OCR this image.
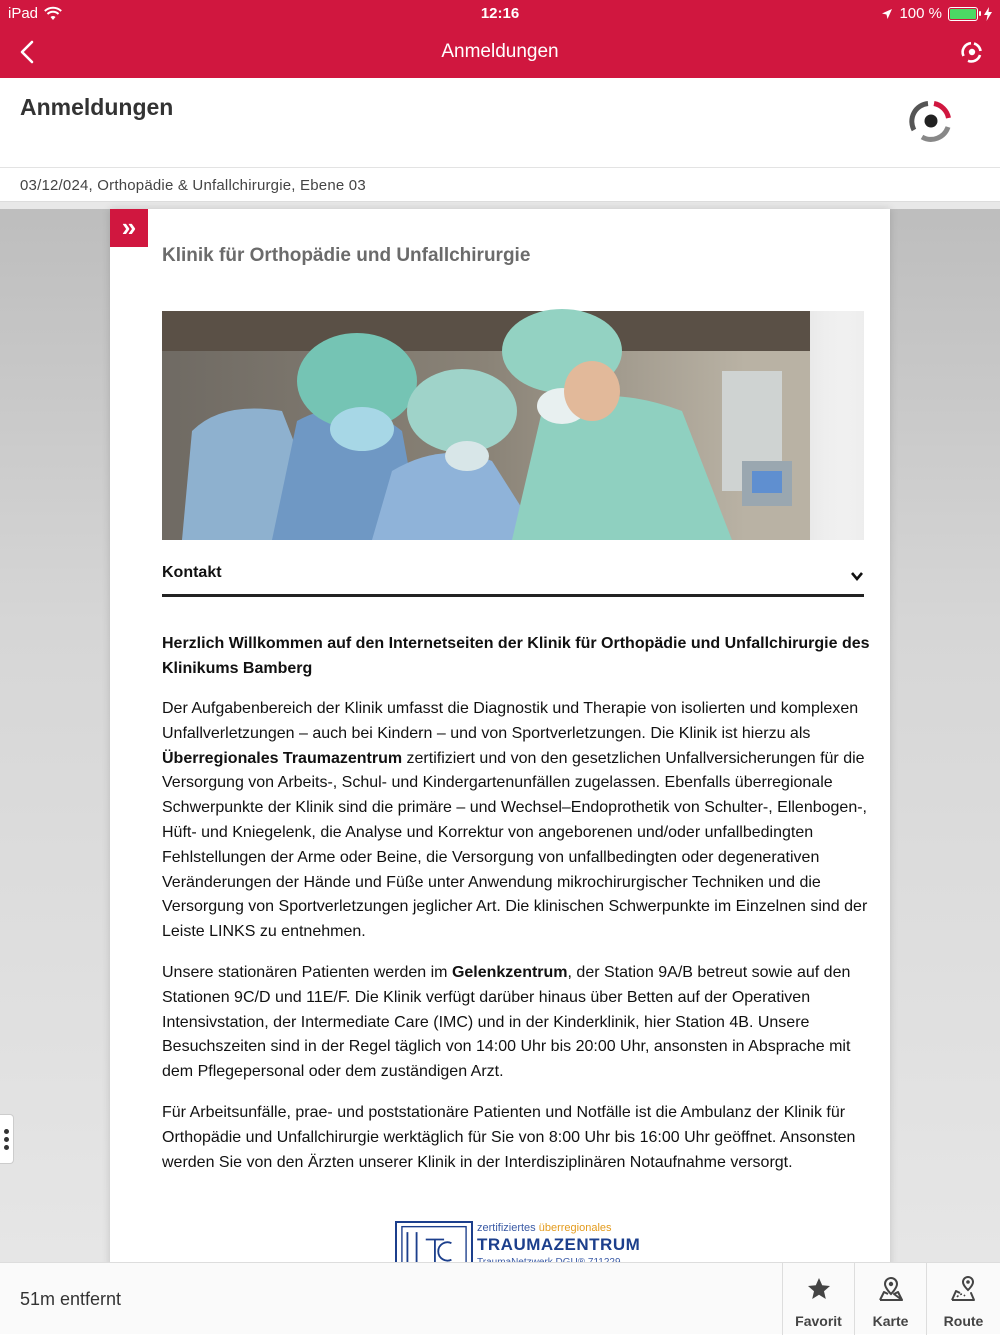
iPad	12:16	100 %
Anmeldungen
Anmeldungen
03/12/024, Orthopädie & Unfallchirurgie, Ebene 03
»
Klinik für Orthopädie und Unfallchirurgie
Kontakt
Herzlich Willkommen auf den Internetseiten der Klinik für Orthopädie und Unfallchirurgie des Klinikums Bamberg

Der Aufgabenbereich der Klinik umfasst die Diagnostik und Therapie von isolierten und komplexen Unfallverletzungen – auch bei Kindern – und von Sportverletzungen. Die Klinik ist hierzu als Überregionales Traumazentrum zertifiziert und von den gesetzlichen Unfallversicherungen für die Versorgung von Arbeits-, Schul- und Kindergartenunfällen zugelassen. Ebenfalls überregionale Schwerpunkte der Klinik sind die primäre – und Wechsel–Endoprothetik von Schulter-, Ellenbogen-, Hüft- und Kniegelenk, die Analyse und Korrektur von angeborenen und/oder unfallbedingten Fehlstellungen der Arme oder Beine, die Versorgung von unfallbedingten oder degenerativen Veränderungen der Hände und Füße unter Anwendung mikrochirurgischer Techniken und die Versorgung von Sportverletzungen jeglicher Art. Die klinischen Schwerpunkte im Einzelnen sind der Leiste LINKS zu entnehmen.

Unsere stationären Patienten werden im Gelenkzentrum, der Station 9A/B betreut sowie auf den Stationen 9C/D und 11E/F. Die Klinik verfügt darüber hinaus über Betten auf der Operativen Intensivstation, der Intermediate Care (IMC) und in der Kinderklinik, hier Station 4B. Unsere Besuchszeiten sind in der Regel täglich von 14:00 Uhr bis 20:00 Uhr, ansonsten in Absprache mit dem Pflegepersonal oder dem zuständigen Arzt.

Für Arbeitsunfälle, prae- und poststationäre Patienten und Notfälle ist die Ambulanz der Klinik für Orthopädie und Unfallchirurgie werktäglich für Sie von 8:00 Uhr bis 16:00 Uhr geöffnet. Ansonsten werden Sie von den Ärzten unserer Klinik in der Interdisziplinären Notaufnahme versorgt.

zertifiziertes überregionales
TRAUMAZENTRUM
51m entfernt
Favorit	Karte	Route
